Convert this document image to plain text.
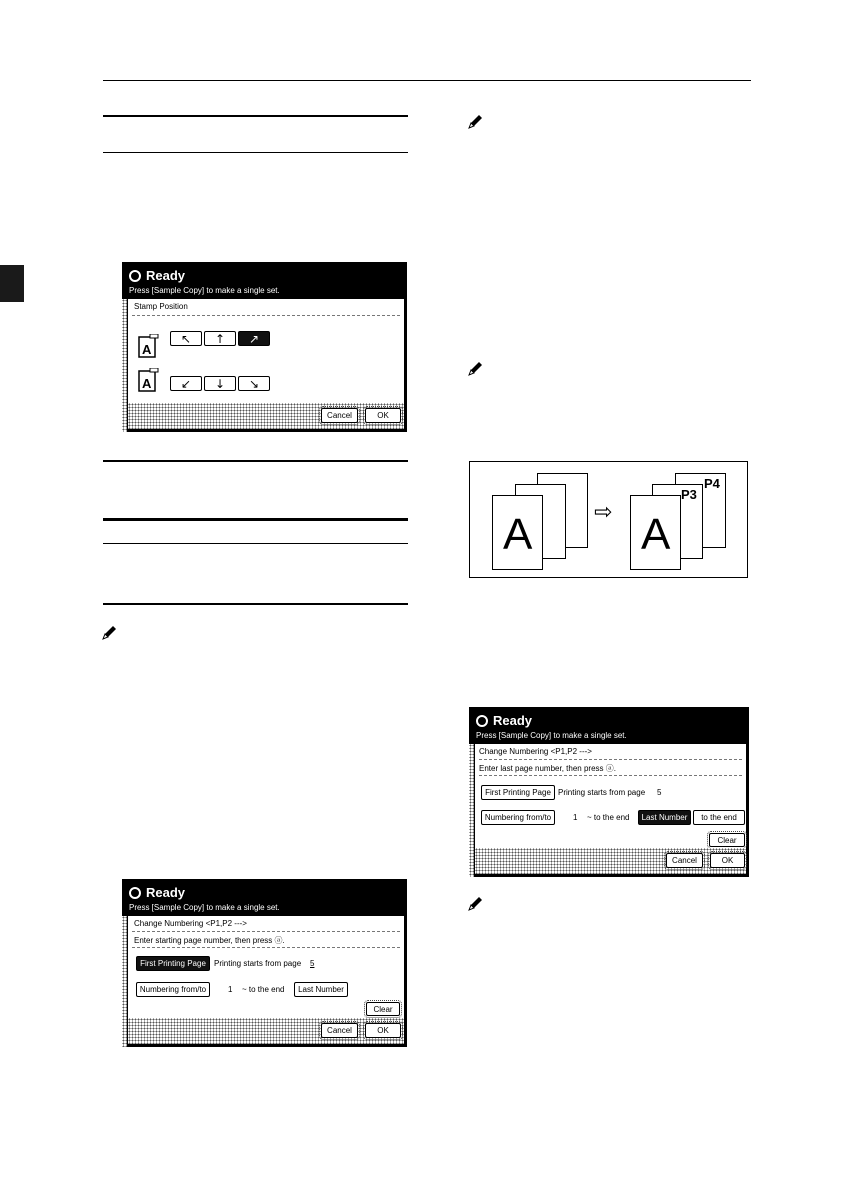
Ready
Press [Sample Copy] to make a single set.
Stamp Position
A
A
↖ ↑ ↗
↙ ↓ ↘
Cancel	OK
Ready
Press [Sample Copy] to make a single set.
Change Numbering <P1,P2 --->
Enter starting page number, then press ⓐ.
First Printing Page	Printing starts from page 5
Numbering from/to	1 ~ to the end	Last Number
Clear
Cancel	OK
A	⇨
P4
P3
A
Ready
Press [Sample Copy] to make a single set.
Change Numbering <P1,P2 --->
Enter last page number, then press ⓐ.
First Printing Page Printing starts from page 5
Numbering from/to	1 ~ to the end	Last Number	to the end
Clear
Cancel	OK
